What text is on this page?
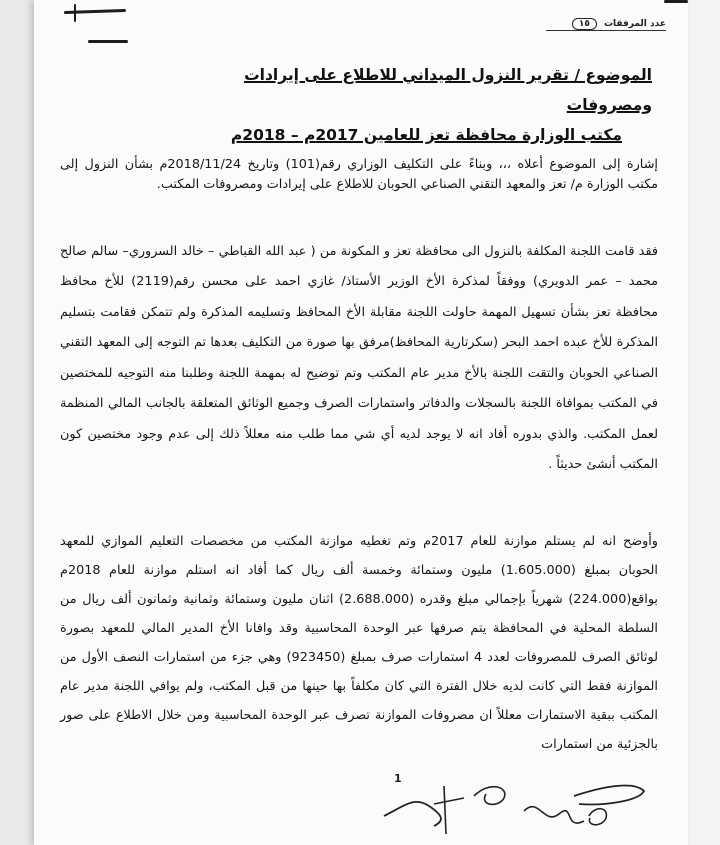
عدد المرفقات ١٥
الموضوع / تقرير النزول الميداني للاطلاع على إيرادات ومصروفات
مكتب الوزارة محافظة تعز للعامين 2017م – 2018م

إشارة إلى الموضوع أعلاه ،،، وبناءً على التكليف الوزاري رقم(101) وتاريخ 2018/11/24م بشأن النزول إلى مكتب الوزارة م/ تعز والمعهد التقني الصناعي الحوبان للاطلاع على إيرادات ومصروفات المكتب.

فقد قامت اللجنة المكلفة بالنزول الى محافظة تعز و المكونة من ( عبد الله القباطي – خالد السروري– سالم صالح محمد – عمر الدويري) ووفقاً لمذكرة الأخ الوزير الأستاذ/ غازي احمد على محسن رقم(2119) للأخ محافظ محافظة تعز بشأن تسهيل المهمة حاولت اللجنة مقابلة الأخ المحافظ وتسليمه المذكرة ولم تتمكن فقامت بتسليم المذكرة للأخ عبده احمد البحر (سكرتارية المحافظ)مرفق بها صورة من التكليف بعدها تم التوجه إلى المعهد التقني الصناعي الحوبان والتقت اللجنة بالأخ مدير عام المكتب وتم توضيح له بمهمة اللجنة وطلبنا منه التوجيه للمختصين في المكتب بموافاة اللجنة بالسجلات والدفاتر واستمارات الصرف وجميع الوثائق المتعلقة بالجانب المالي المنظمة لعمل المكتب. والذي بدوره أفاد انه لا يوجد لديه أي شي مما طلب منه معللاً ذلك إلى عدم وجود مختصين كون المكتب أنشئ حديثاً .

وأوضح انه لم يستلم موازنة للعام 2017م وتم تغطيه موازنة المكتب من مخصصات التعليم الموازي للمعهد الحوبان بمبلغ (1.605.000) مليون وستمائة وخمسة ألف ريال كما أفاد انه استلم موازنة للعام 2018م بواقع(224.000) شهرياً بإجمالي مبلغ وقدره (2.688.000) اثنان مليون وستمائة وثمانية وثمانون ألف ريال من السلطة المحلية في المحافظة يتم صرفها عبر الوحدة المحاسبية وقد وافانا الأخ المدير المالي للمعهد بصورة لوثائق الصرف للمصروفات لعدد 4 استمارات صرف بمبلغ (923450) وهي جزء من استمارات النصف الأول من الموازنة فقط التي كانت لديه خلال الفترة التي كان مكلفاً بها حينها من قبل المكتب، ولم يوافي اللجنة مدير عام المكتب ببقية الاستمارات معللاً ان مصروفات الموازنة تصرف عبر الوحدة المحاسبية ومن خلال الاطلاع على صور بالجزئية من استمارات

1
